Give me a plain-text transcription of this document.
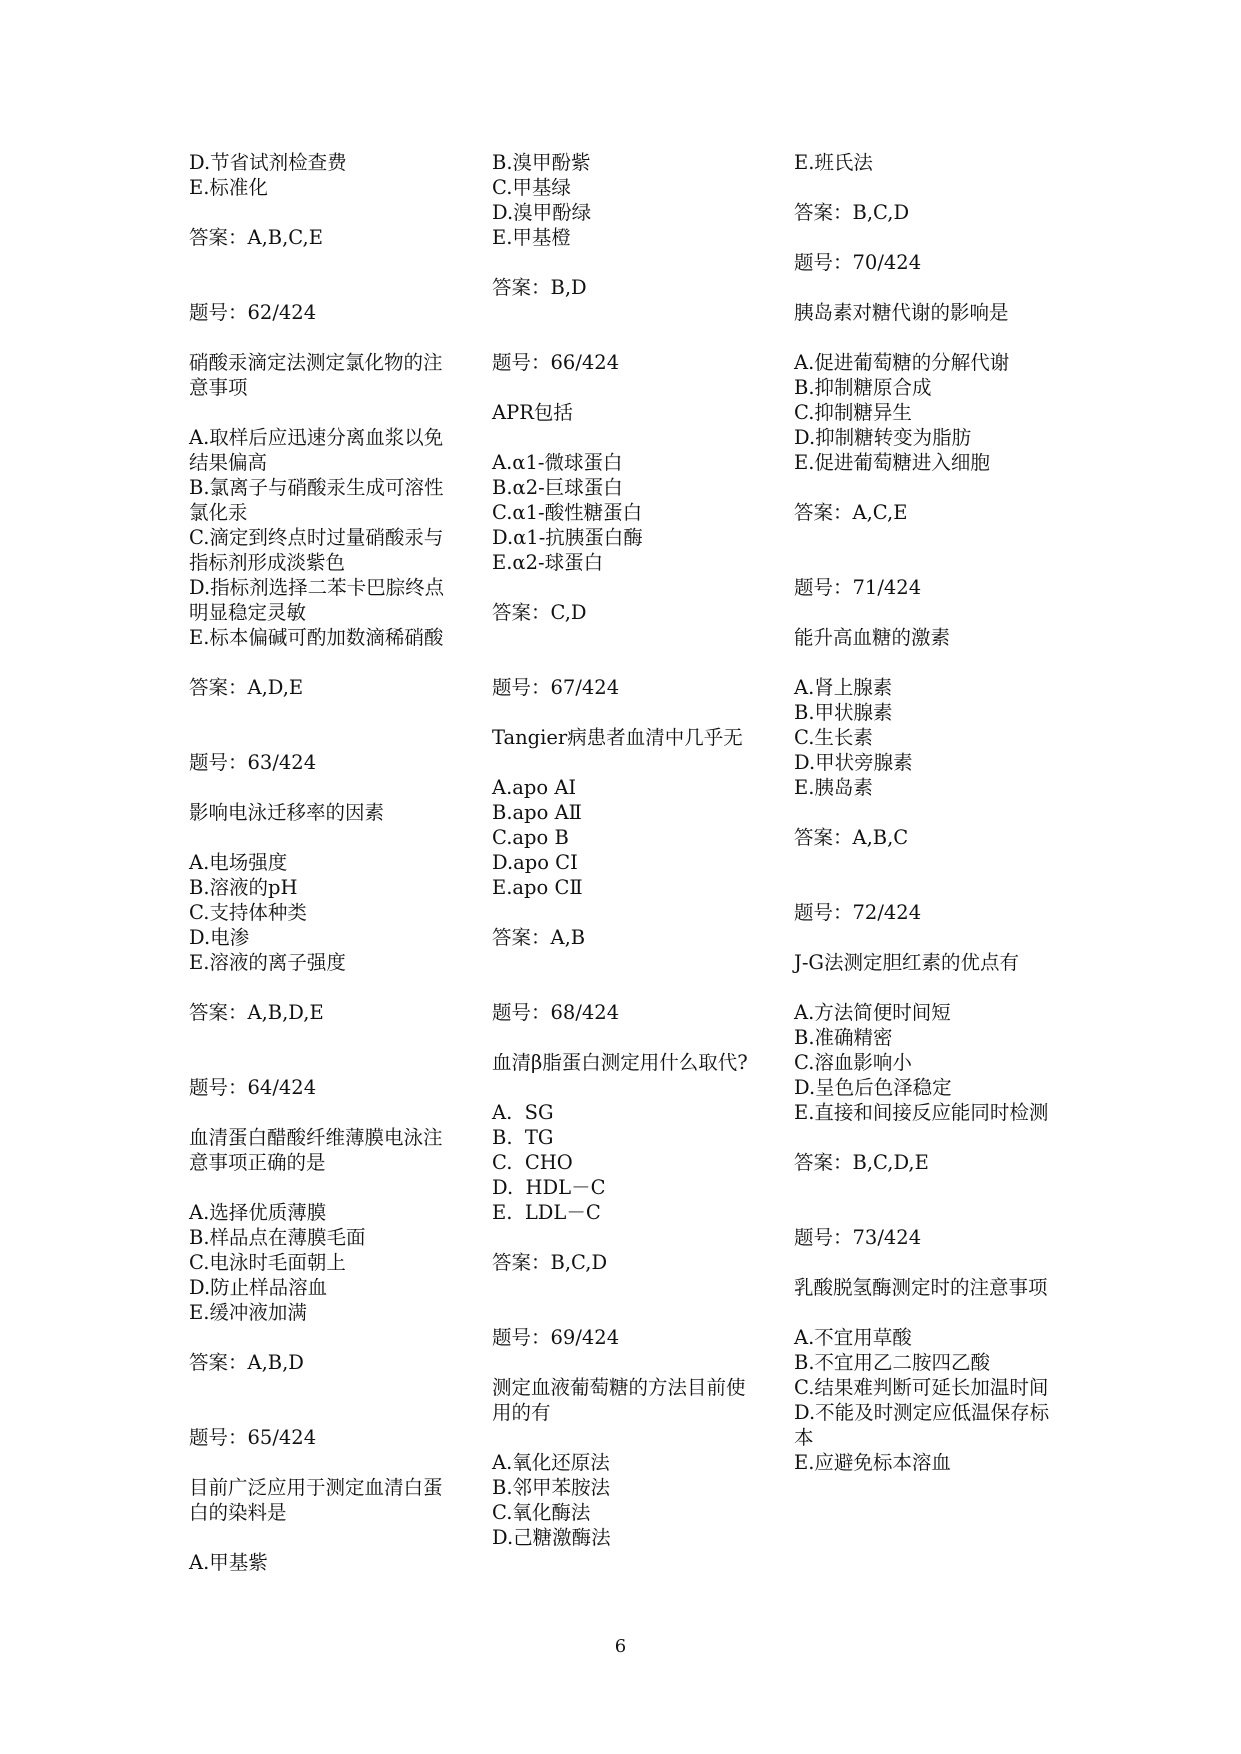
D.节省试剂检查费
E.标准化
答案：A,B,C,E
题号：62/424
硝酸汞滴定法测定氯化物的注意事项
A.取样后应迅速分离血浆以免结果偏高
B.氯离子与硝酸汞生成可溶性氯化汞
C.滴定到终点时过量硝酸汞与指标剂形成淡紫色
D.指标剂选择二苯卡巴腙终点明显稳定灵敏
E.标本偏碱可酌加数滴稀硝酸
答案：A,D,E
题号：63/424
影响电泳迁移率的因素
A.电场强度
B.溶液的pH
C.支持体种类
D.电渗
E.溶液的离子强度
答案：A,B,D,E
题号：64/424
血清蛋白醋酸纤维薄膜电泳注意事项正确的是
A.选择优质薄膜
B.样品点在薄膜毛面
C.电泳时毛面朝上
D.防止样品溶血
E.缓冲液加满
答案：A,B,D
题号：65/424
目前广泛应用于测定血清白蛋白的染料是
A.甲基紫
B.溴甲酚紫
C.甲基绿
D.溴甲酚绿
E.甲基橙
答案：B,D
题号：66/424
APR包括
A.α1-微球蛋白
B.α2-巨球蛋白
C.α1-酸性糖蛋白
D.α1-抗胰蛋白酶
E.α2-球蛋白
答案：C,D
题号：67/424
Tangier病患者血清中几乎无
A.apo AⅠ
B.apo AⅡ
C.apo B
D.apo CⅠ
E.apo CⅡ
答案：A,B
题号：68/424
血清β脂蛋白测定用什么取代?
A.  SG
B.  TG
C.  CHO
D.  HDL－C
E.  LDL－C
答案：B,C,D
题号：69/424
测定血液葡萄糖的方法目前使用的有
A.氧化还原法
B.邻甲苯胺法
C.氧化酶法
D.己糖激酶法
E.班氏法
答案：B,C,D
题号：70/424
胰岛素对糖代谢的影响是
A.促进葡萄糖的分解代谢
B.抑制糖原合成
C.抑制糖异生
D.抑制糖转变为脂肪
E.促进葡萄糖进入细胞
答案：A,C,E
题号：71/424
能升高血糖的激素
A.肾上腺素
B.甲状腺素
C.生长素
D.甲状旁腺素
E.胰岛素
答案：A,B,C
题号：72/424
J-G法测定胆红素的优点有
A.方法简便时间短
B.准确精密
C.溶血影响小
D.呈色后色泽稳定
E.直接和间接反应能同时检测
答案：B,C,D,E
题号：73/424
乳酸脱氢酶测定时的注意事项
A.不宜用草酸
B.不宜用乙二胺四乙酸
C.结果难判断可延长加温时间
D.不能及时测定应低温保存标本
E.应避免标本溶血
6
